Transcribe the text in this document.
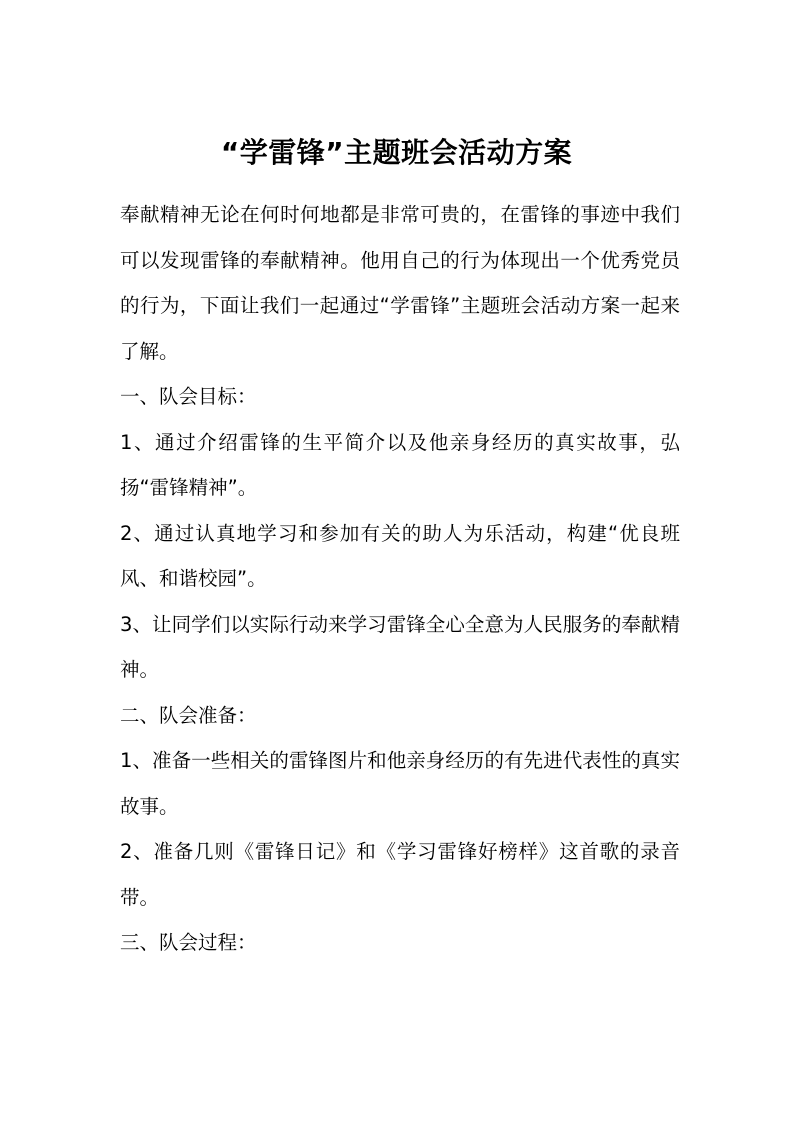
“学雷锋”主题班会活动方案

奉献精神无论在何时何地都是非常可贵的，在雷锋的事迹中我们可以发现雷锋的奉献精神。他用自己的行为体现出一个优秀党员的行为，下面让我们一起通过“学雷锋”主题班会活动方案一起来了解。

一、队会目标：

1、通过介绍雷锋的生平简介以及他亲身经历的真实故事，弘扬“雷锋精神”。

2、通过认真地学习和参加有关的助人为乐活动，构建“优良班风、和谐校园”。

3、让同学们以实际行动来学习雷锋全心全意为人民服务的奉献精神。

二、队会准备：

1、准备一些相关的雷锋图片和他亲身经历的有先进代表性的真实故事。

2、准备几则《雷锋日记》和《学习雷锋好榜样》这首歌的录音带。

三、队会过程：
